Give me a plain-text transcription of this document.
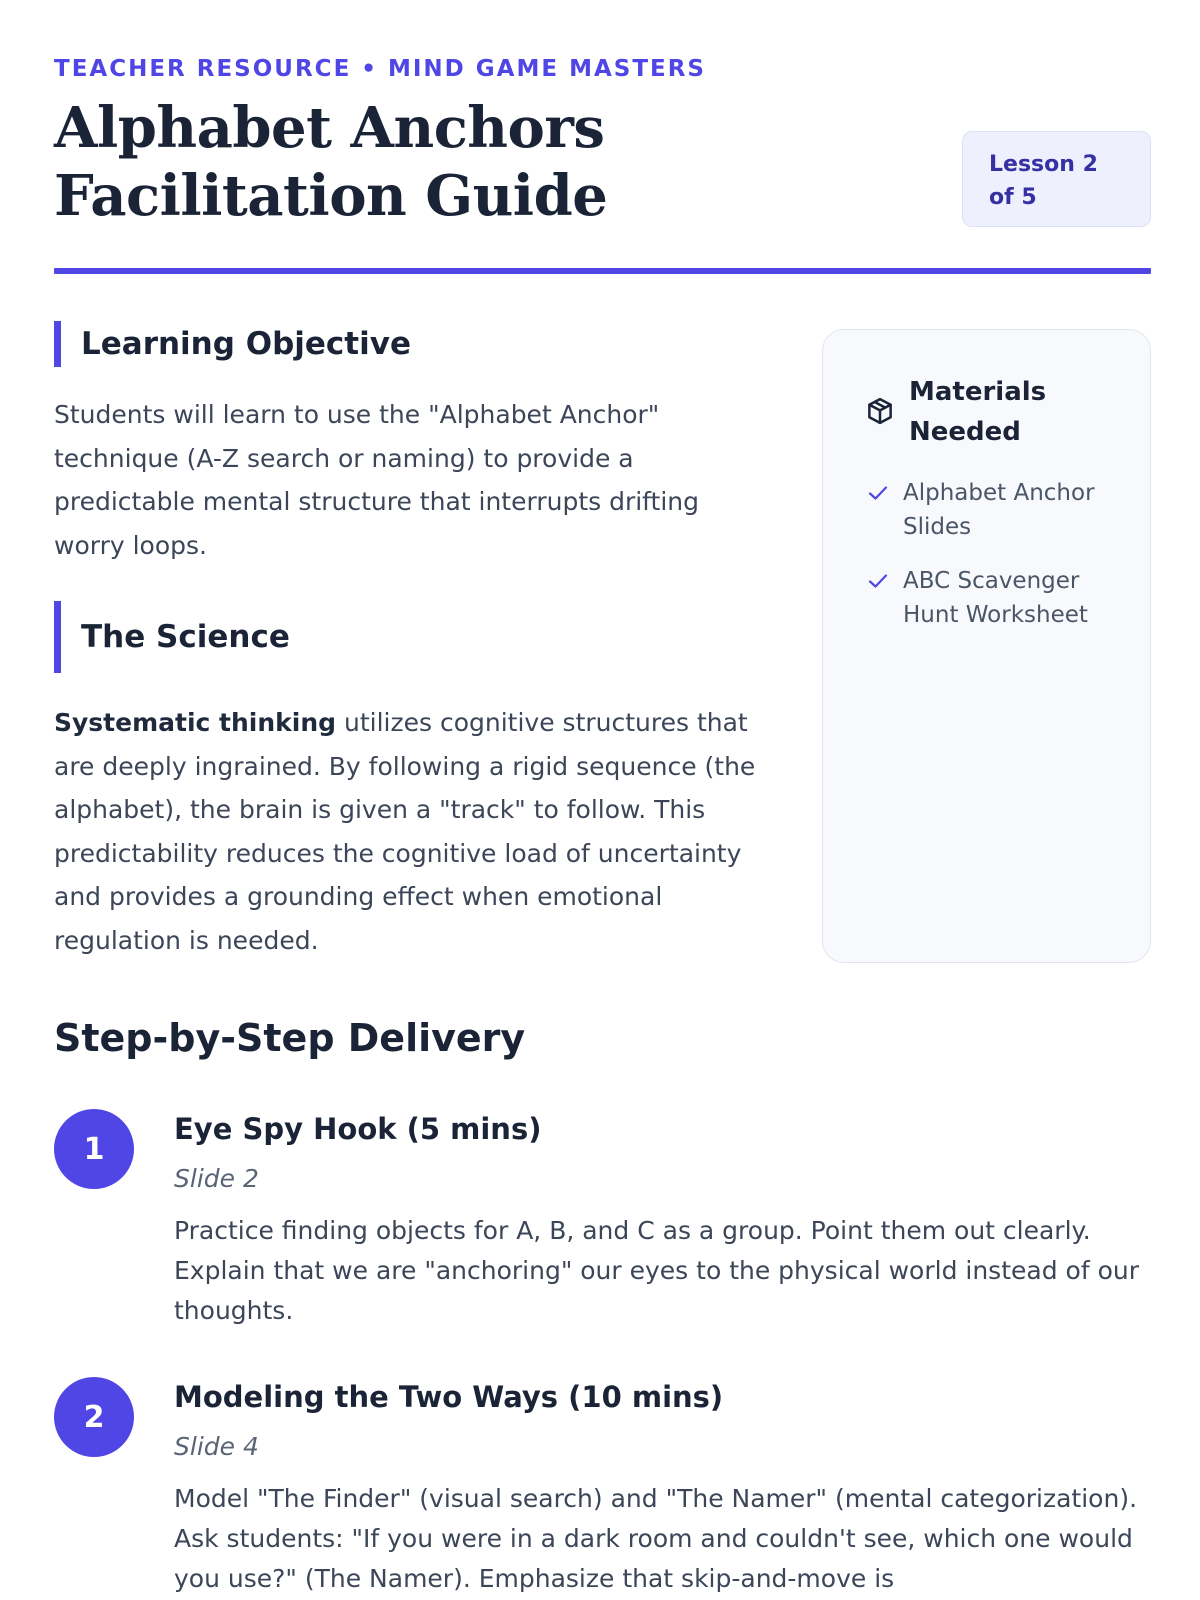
TEACHER RESOURCE • MIND GAME MASTERS
Alphabet Anchors Facilitation Guide	Lesson 2 of 5
Learning Objective

Students will learn to use the "Alphabet Anchor" technique (A-Z search or naming) to provide a predictable mental structure that interrupts drifting worry loops.

The Science

Systematic thinking utilizes cognitive structures that are deeply ingrained. By following a rigid sequence (the alphabet), the brain is given a "track" to follow. This predictability reduces the cognitive load of uncertainty and provides a grounding effect when emotional regulation is needed.

Materials Needed
Alphabet Anchor Slides
ABC Scavenger Hunt Worksheet
Step-by-Step Delivery
1
Eye Spy Hook (5 mins)
Slide 2

Practice finding objects for A, B, and C as a group. Point them out clearly. Explain that we are "anchoring" our eyes to the physical world instead of our thoughts.

2
Modeling the Two Ways (10 mins)
Slide 4

Model "The Finder" (visual search) and "The Namer" (mental categorization). Ask students: "If you were in a dark room and couldn't see, which one would you use?" (The Namer). Emphasize that skip-and-move is
